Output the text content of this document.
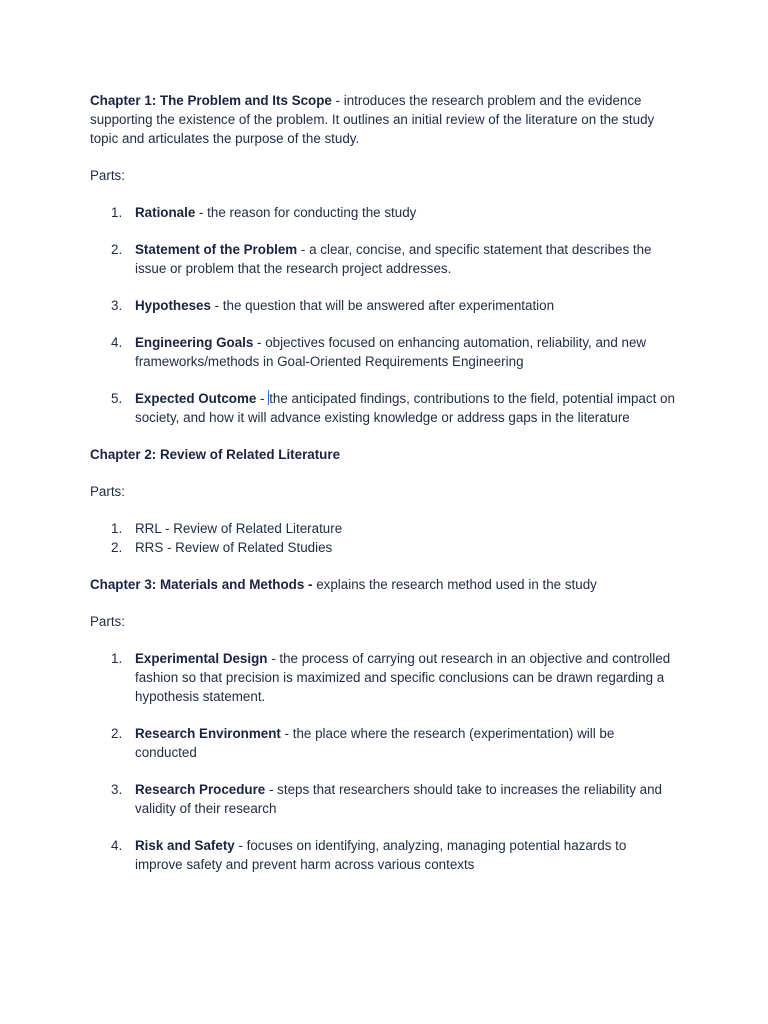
Chapter 1: The Problem and Its Scope - introduces the research problem and the evidence supporting the existence of the problem. It outlines an initial review of the literature on the study topic and articulates the purpose of the study.

Parts:

1. Rationale - the reason for conducting the study
2. Statement of the Problem - a clear, concise, and specific statement that describes the issue or problem that the research project addresses.
3. Hypotheses - the question that will be answered after experimentation
4. Engineering Goals - objectives focused on enhancing automation, reliability, and new frameworks/methods in Goal-Oriented Requirements Engineering
5. Expected Outcome - the anticipated findings, contributions to the field, potential impact on society, and how it will advance existing knowledge or address gaps in the literature

Chapter 2: Review of Related Literature

Parts:

1. RRL - Review of Related Literature
2. RRS - Review of Related Studies

Chapter 3: Materials and Methods - explains the research method used in the study

Parts:

1. Experimental Design - the process of carrying out research in an objective and controlled fashion so that precision is maximized and specific conclusions can be drawn regarding a hypothesis statement.
2. Research Environment - the place where the research (experimentation) will be conducted
3. Research Procedure - steps that researchers should take to increases the reliability and validity of their research
4. Risk and Safety - focuses on identifying, analyzing, managing potential hazards to improve safety and prevent harm across various contexts
